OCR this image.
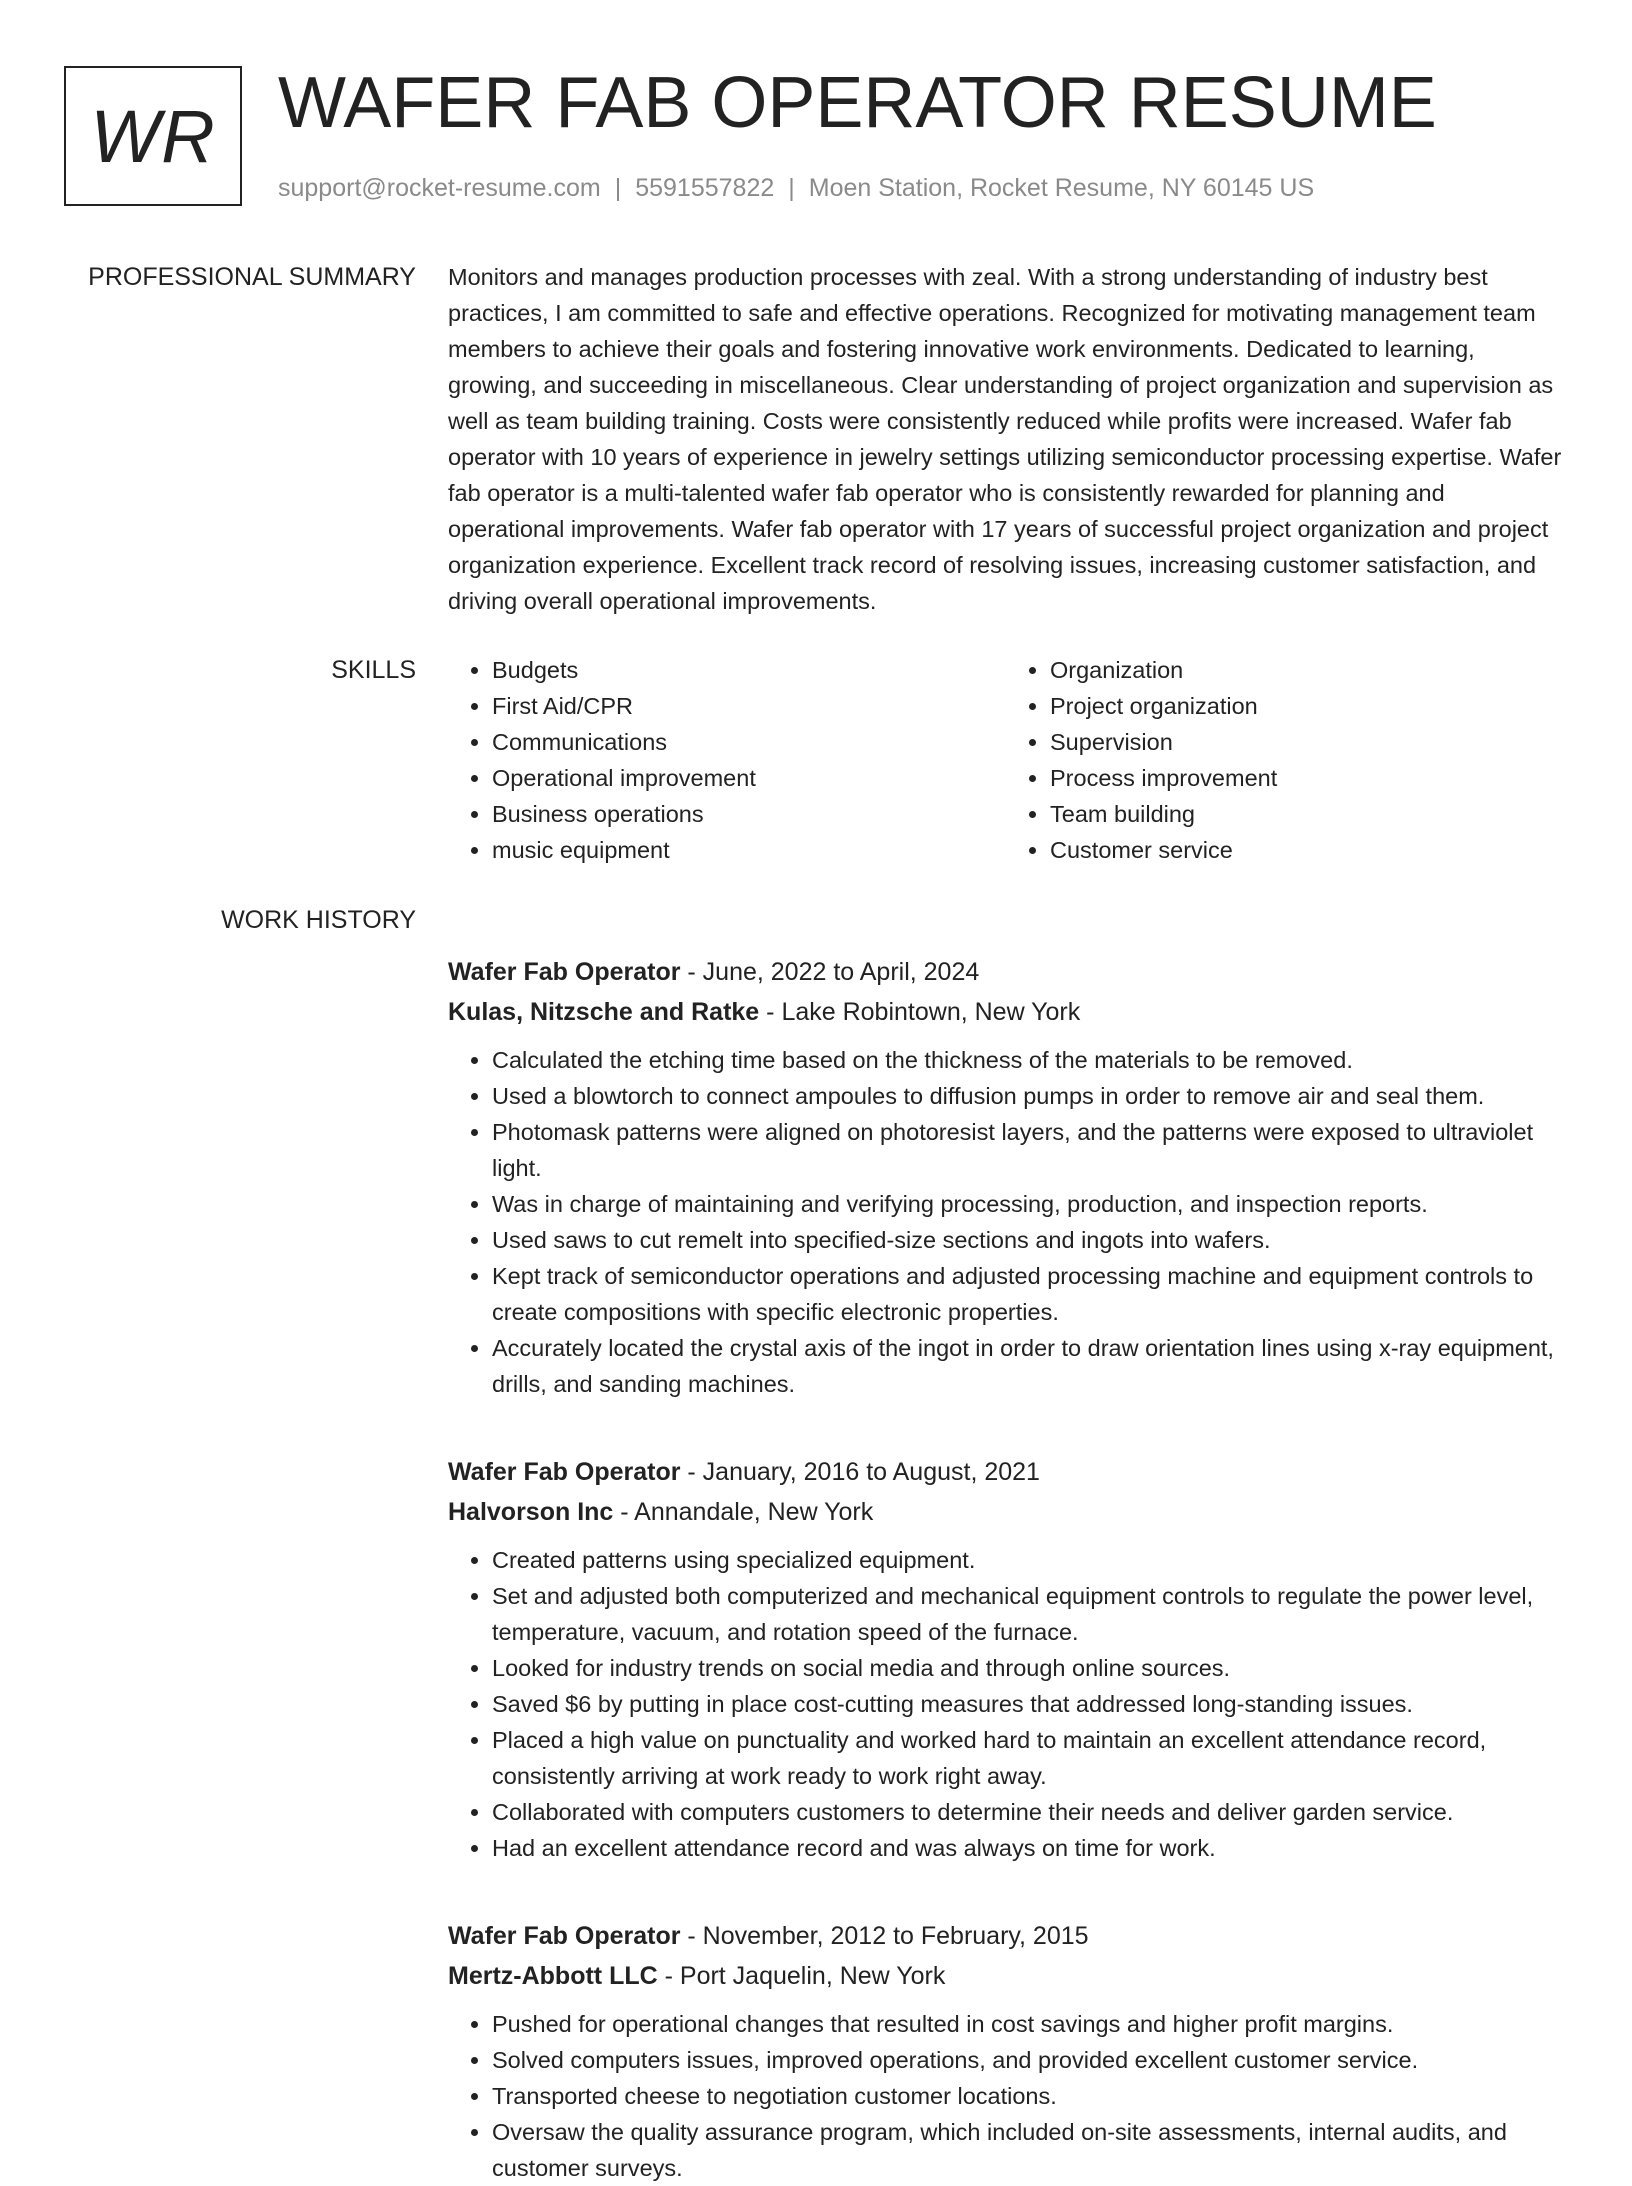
WR WAFER FAB OPERATOR RESUME
support@rocket-resume.com | 5591557822 | Moen Station, Rocket Resume, NY 60145 US
PROFESSIONAL SUMMARY Monitors and manages production processes with zeal. With a strong understanding of industry best practices, I am committed to safe and effective operations. Recognized for motivating management team members to achieve their goals and fostering innovative work environments. Dedicated to learning, growing, and succeeding in miscellaneous. Clear understanding of project organization and supervision as well as team building training. Costs were consistently reduced while profits were increased. Wafer fab operator with 10 years of experience in jewelry settings utilizing semiconductor processing expertise. Wafer fab operator is a multi-talented wafer fab operator who is consistently rewarded for planning and operational improvements. Wafer fab operator with 17 years of successful project organization and project organization experience. Excellent track record of resolving issues, increasing customer satisfaction, and driving overall operational improvements.

SKILLS
•	Budgets
• First Aid/CPR
• Communications
• Operational improvement
• Business operations
• music equipment
• Organization
• Project organization
• Supervision
• Process improvement
• Team building
• Customer service
WORK HISTORY
Wafer Fab Operator - June, 2022 to April, 2024
Kulas, Nitzsche and Ratke - Lake Robintown, New York
• Calculated the etching time based on the thickness of the materials to be removed.
• Used a blowtorch to connect ampoules to diffusion pumps in order to remove air and seal them.
• Photomask patterns were aligned on photoresist layers, and the patterns were exposed to ultraviolet light.
• Was in charge of maintaining and verifying processing, production, and inspection reports.
• Used saws to cut remelt into specified-size sections and ingots into wafers.
• Kept track of semiconductor operations and adjusted processing machine and equipment controls to create compositions with specific electronic properties.
• Accurately located the crystal axis of the ingot in order to draw orientation lines using x-ray equipment, drills, and sanding machines.
Wafer Fab Operator - January, 2016 to August, 2021
Halvorson Inc - Annandale, New York
• Created patterns using specialized equipment.
• Set and adjusted both computerized and mechanical equipment controls to regulate the power level, temperature, vacuum, and rotation speed of the furnace.
• Looked for industry trends on social media and through online sources.
• Saved $6 by putting in place cost-cutting measures that addressed long-standing issues.
• Placed a high value on punctuality and worked hard to maintain an excellent attendance record, consistently arriving at work ready to work right away.
• Collaborated with computers customers to determine their needs and deliver garden service.
• Had an excellent attendance record and was always on time for work.
Wafer Fab Operator - November, 2012 to February, 2015
Mertz-Abbott LLC - Port Jaquelin, New York
• Pushed for operational changes that resulted in cost savings and higher profit margins.
• Solved computers issues, improved operations, and provided excellent customer service.
• Transported cheese to negotiation customer locations.
• Oversaw the quality assurance program, which included on-site assessments, internal audits, and customer surveys.
